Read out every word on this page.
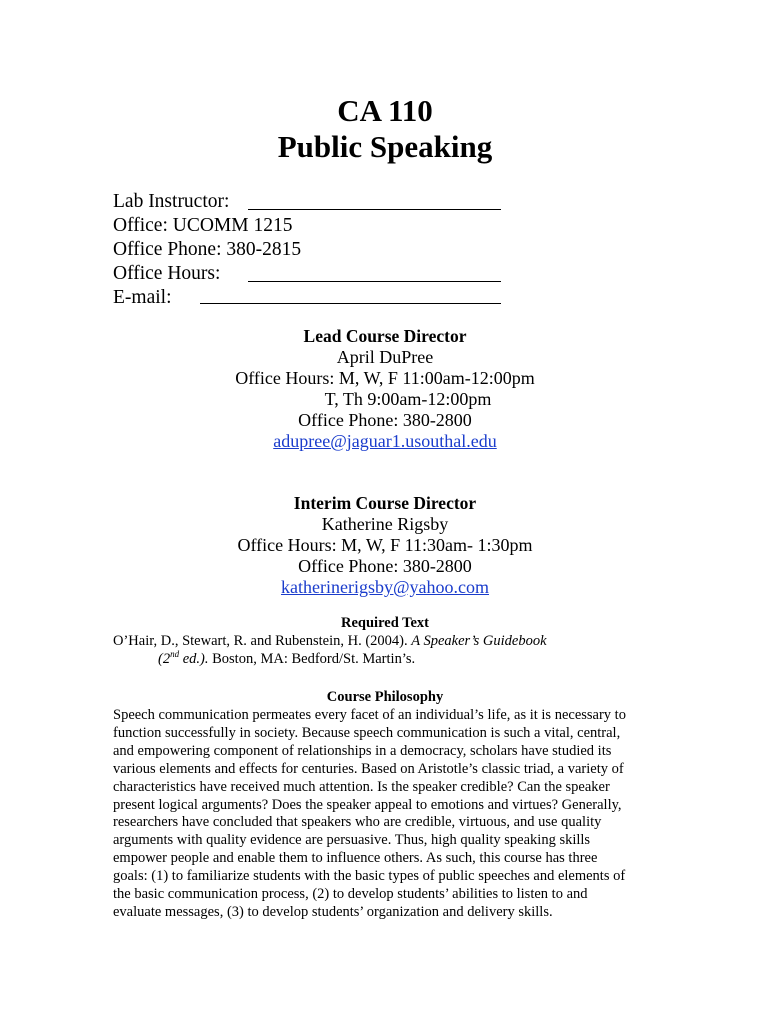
CA 110
Public Speaking
Lab Instructor:
Office: UCOMM 1215
Office Phone: 380-2815
Office Hours:
E-mail:
Lead Course Director
April DuPree
Office Hours: M, W, F 11:00am-12:00pm
T, Th 9:00am-12:00pm
Office Phone: 380-2800
adupree@jaguar1.usouthal.edu
Interim Course Director
Katherine Rigsby
Office Hours: M, W, F 11:30am- 1:30pm
Office Phone: 380-2800
katherinerigsby@yahoo.com
Required Text
O’Hair, D., Stewart, R. and Rubenstein, H. (2004). A Speaker’s Guidebook
(2nd ed.). Boston, MA: Bedford/St. Martin’s.
Course Philosophy
Speech communication permeates every facet of an individual’s life, as it is necessary to
function successfully in society. Because speech communication is such a vital, central,
and empowering component of relationships in a democracy, scholars have studied its
various elements and effects for centuries. Based on Aristotle’s classic triad, a variety of
characteristics have received much attention. Is the speaker credible? Can the speaker
present logical arguments? Does the speaker appeal to emotions and virtues? Generally,
researchers have concluded that speakers who are credible, virtuous, and use quality
arguments with quality evidence are persuasive. Thus, high quality speaking skills
empower people and enable them to influence others. As such, this course has three
goals: (1) to familiarize students with the basic types of public speeches and elements of
the basic communication process, (2) to develop students’ abilities to listen to and
evaluate messages, (3) to develop students’ organization and delivery skills.
